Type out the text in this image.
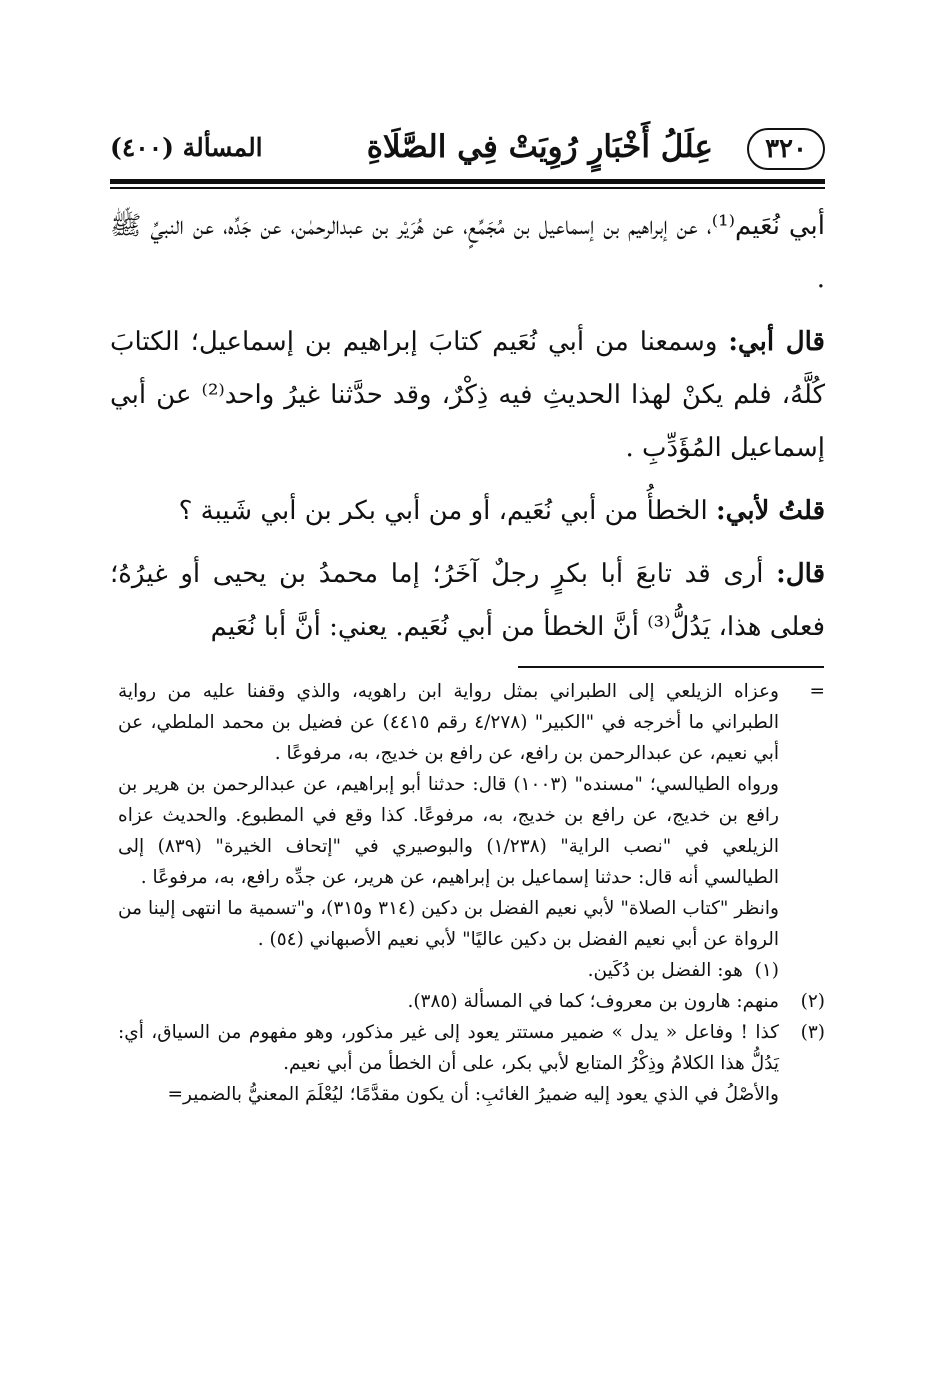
٣٢٠
عِلَلُ أَخْبَارٍ رُوِيَتْ فِي الصَّلَاةِ
المسألة (٤٠٠)

أبي نُعَيم⁽¹⁾، عن إبراهيم بن إسماعيل بن مُجَمِّعٍ، عن هُرَيْر بن عبدالرحمٰن، عن جَدِّه، عن النبيِّ ﷺ .

قال أبي: وسمعنا من أبي نُعَيم كتابَ إبراهيم بن إسماعيل؛ الكتابَ كُلَّهُ، فلم يكنْ لهذا الحديثِ فيه ذِكْرٌ، وقد حدَّثنا غيرُ واحد⁽²⁾ عن أبي إسماعيل المُؤَدِّبِ .

قلتُ لأبي: الخطأُ من أبي نُعَيم، أو من أبي بكر بن أبي شَيبة ؟

قال: أرى قد تابعَ أبا بكرٍ رجلٌ آخَرُ؛ إما محمدُ بن يحيى أو غيرُهُ؛ فعلى هذا، يَدُلُّ⁽³⁾ أنَّ الخطأ من أبي نُعَيم. يعني: أنَّ أبا نُعَيم

=

وعزاه الزيلعي إلى الطبراني بمثل رواية ابن راهويه، والذي وقفنا عليه من رواية الطبراني ما أخرجه في "الكبير" (٤/٢٧٨ رقم ٤٤١٥) عن فضيل بن محمد الملطي، عن أبي نعيم، عن عبدالرحمن بن رافع، عن رافع بن خديج، به، مرفوعًا .

ورواه الطيالسي؛ "مسنده" (١٠٠٣) قال: حدثنا أبو إبراهيم، عن عبدالرحمن بن هرير بن رافع بن خديج، عن رافع بن خديج، به، مرفوعًا. كذا وقع في المطبوع. والحديث عزاه الزيلعي في "نصب الراية" (١/٢٣٨) والبوصيري في "إتحاف الخيرة" (٨٣٩) إلى الطيالسي أنه قال: حدثنا إسماعيل بن إبراهيم، عن هرير، عن جدِّه رافع، به، مرفوعًا .

وانظر "كتاب الصلاة" لأبي نعيم الفضل بن دكين (٣١٤ و٣١٥)، و"تسمية ما انتهى إلينا من الرواة عن أبي نعيم الفضل بن دكين عاليًا" لأبي نعيم الأصبهاني (٥٤) .

(١)  هو: الفضل بن دُكَين.

(٢)

منهم: هارون بن معروف؛ كما في المسألة (٣٨٥).

(٣)

كذا ! وفاعل « يدل » ضمير مستتر يعود إلى غير مذكور، وهو مفهوم من السياق، أي: يَدُلُّ هذا الكلامُ وذِكْرُ المتابع لأبي بكر، على أن الخطأ من أبي نعيم.

والأصْلُ في الذي يعود إليه ضميرُ الغائبِ: أن يكون مقدَّمًا؛ ليُعْلَمَ المعنيُّ بالضمير=
